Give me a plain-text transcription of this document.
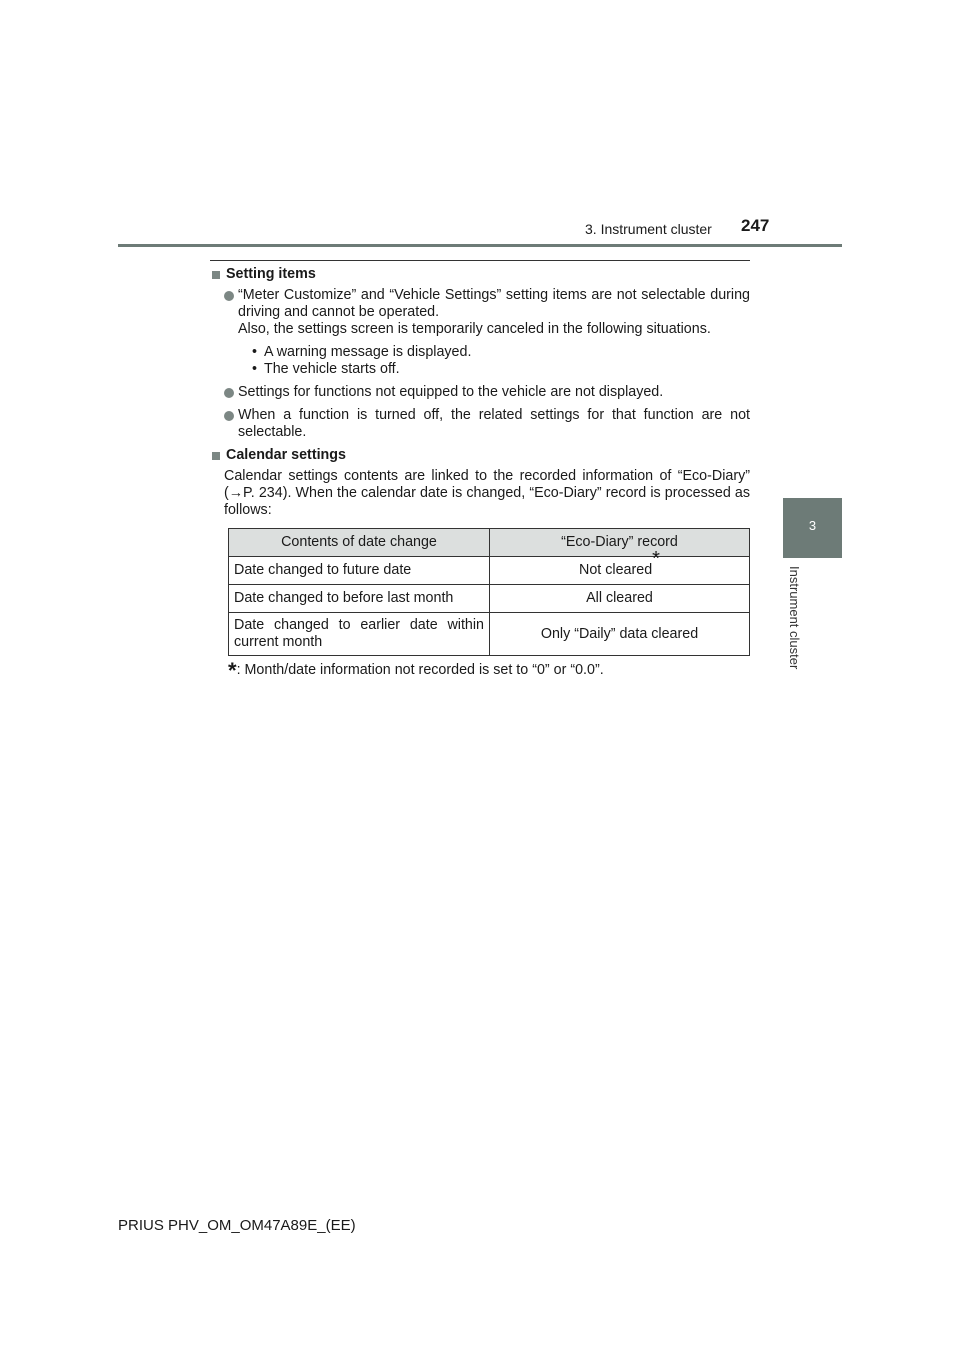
3. Instrument cluster 247
3
Instrument cluster
Setting items
“Meter Customize” and “Vehicle Settings” setting items are not selectable during driving and cannot be operated.
Also, the settings screen is temporarily canceled in the following situations.
• A warning message is displayed.
• The vehicle starts off.
Settings for functions not equipped to the vehicle are not displayed.
When a function is turned off, the related settings for that function are not selectable.
Calendar settings
Calendar settings contents are linked to the recorded information of “Eco-Diary” (→P. 234). When the calendar date is changed, “Eco-Diary” record is processed as follows:
Contents of date change	“Eco-Diary” record
Date changed to future date	Not cleared*
Date changed to before last month	All cleared
Date changed to earlier date within current month	Only “Daily” data cleared
*: Month/date information not recorded is set to “0” or “0.0”.
PRIUS PHV_OM_OM47A89E_(EE)
